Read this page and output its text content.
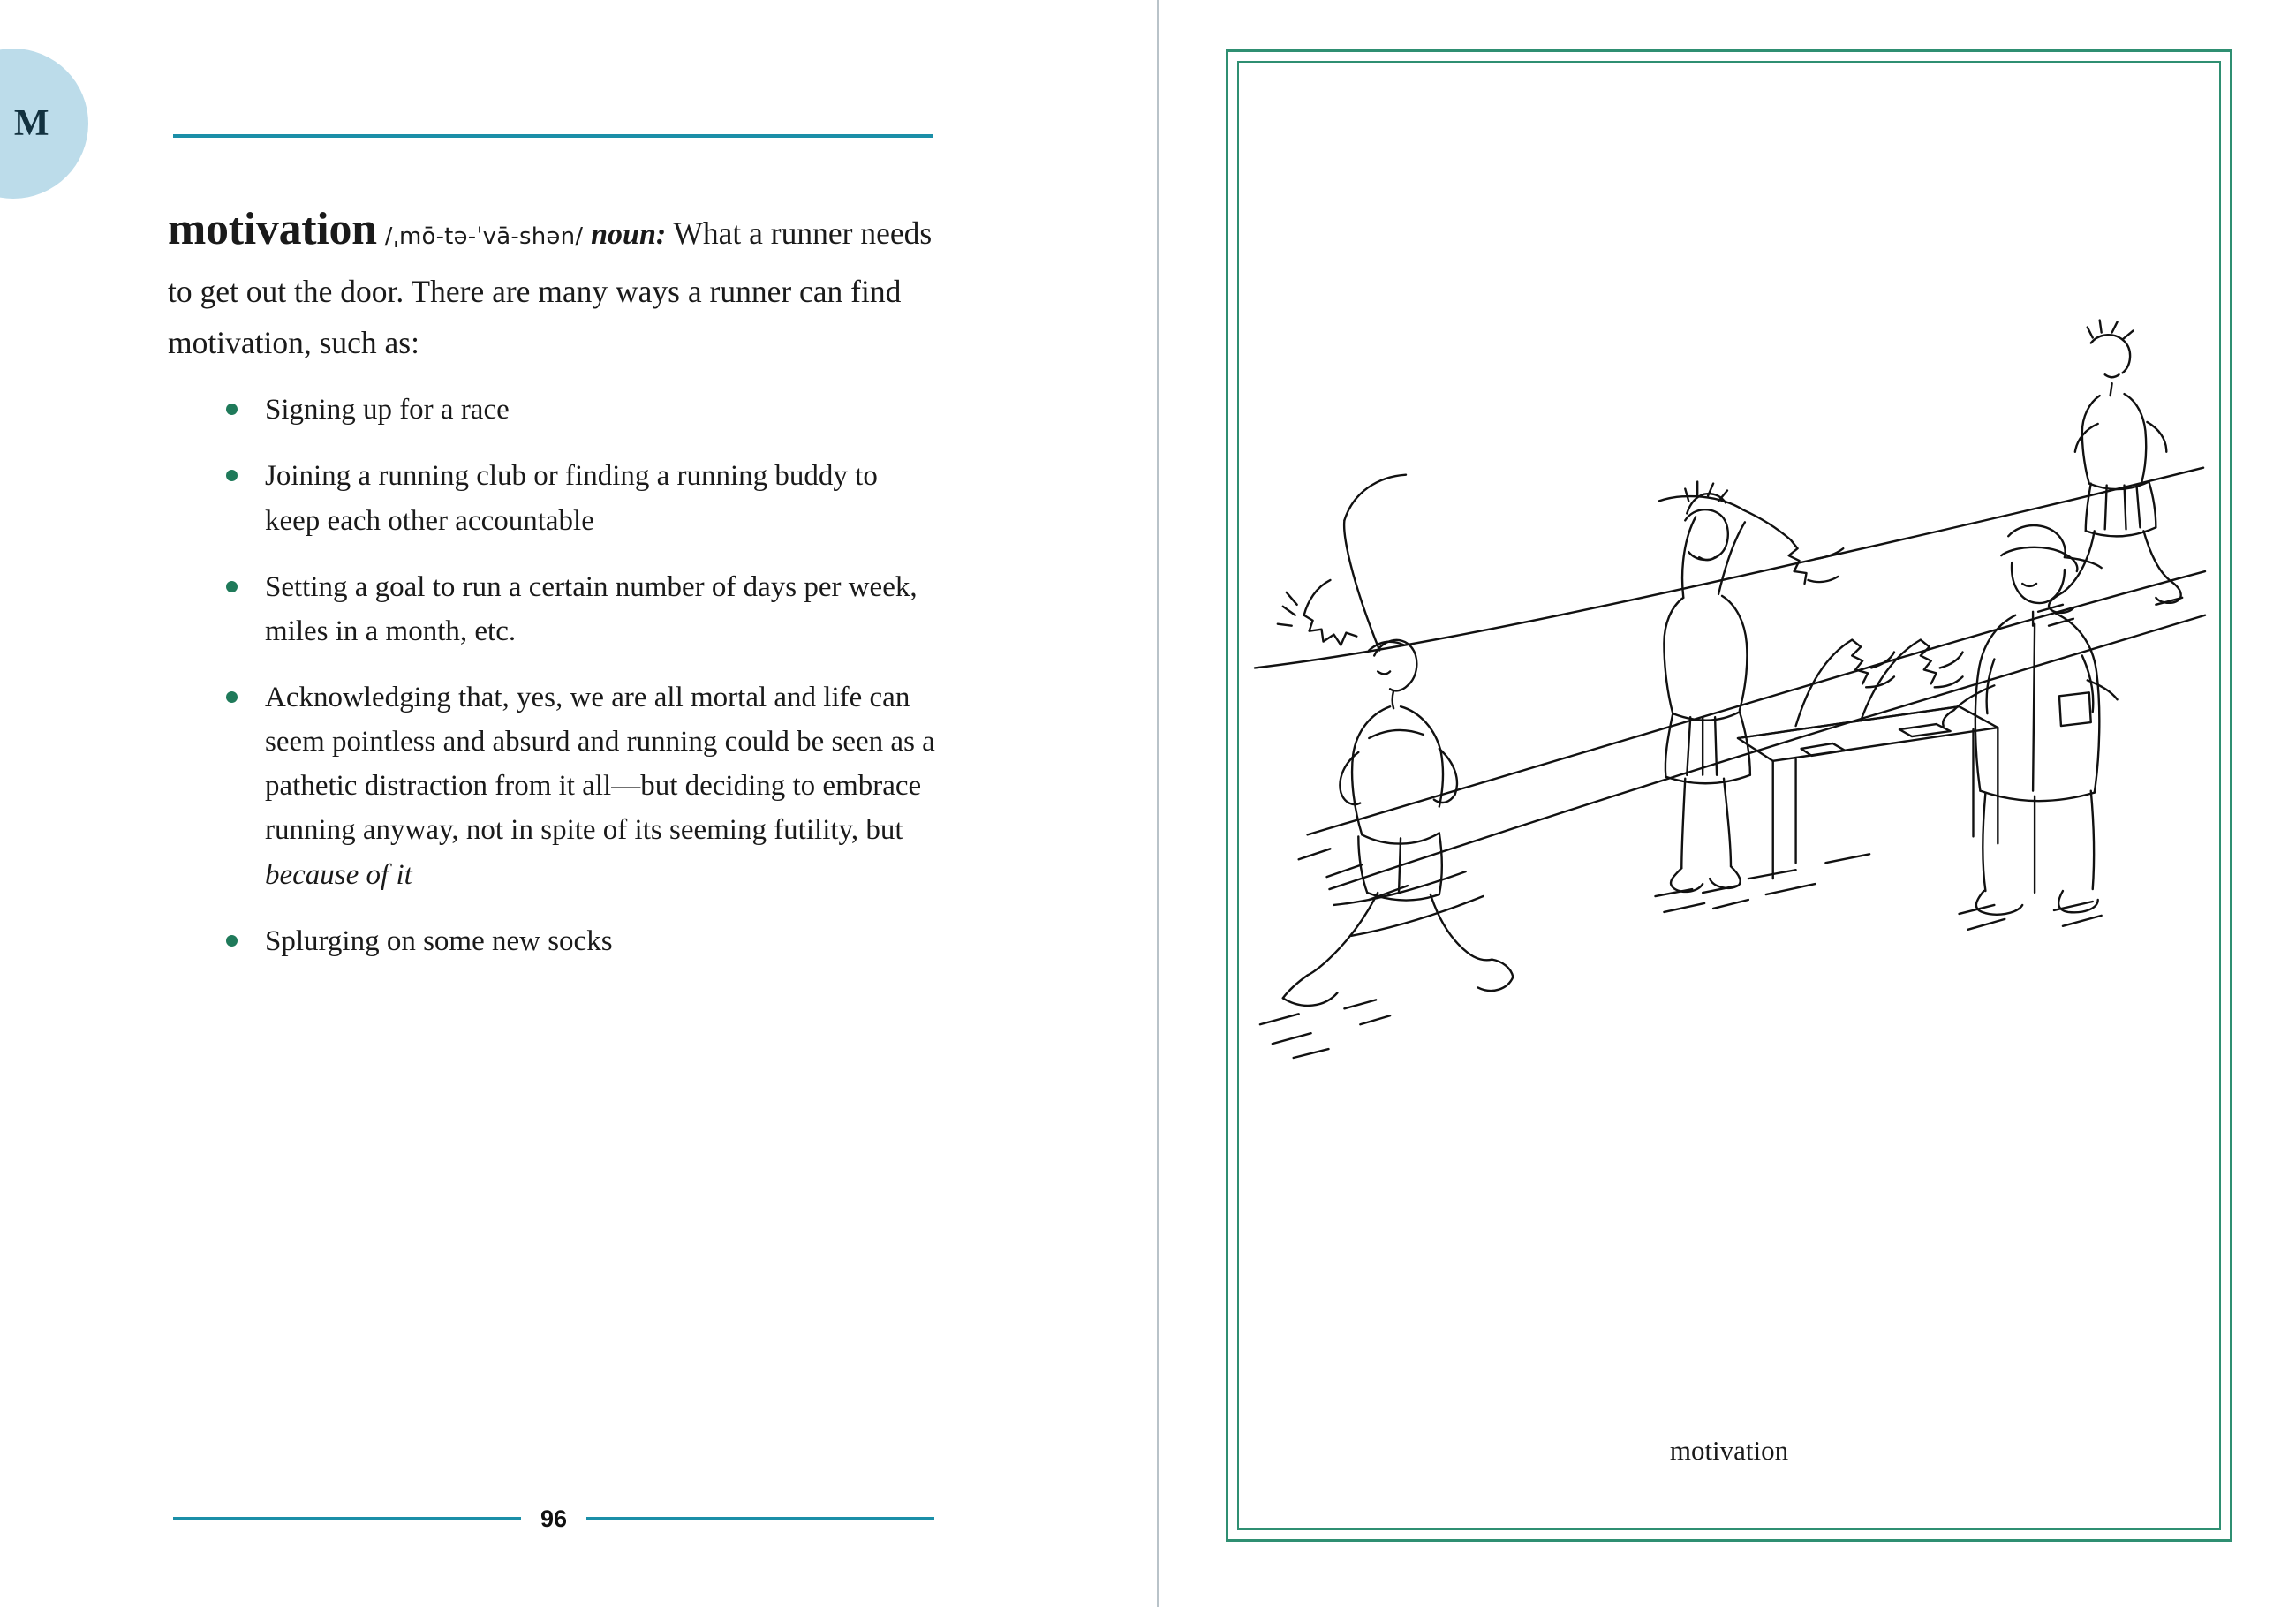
M

motivation /ˌmō-tə-ˈvā-shən/ noun: What a runner needs to get out the door. There are many ways a runner can find motivation, such as:

Signing up for a race
Joining a running club or finding a running buddy to keep each other accountable
Setting a goal to run a certain number of days per week, miles in a month, etc.
Acknowledging that, yes, we are all mortal and life can seem pointless and absurd and running could be seen as a pathetic distraction from it all—but deciding to embrace running anyway, not in spite of its seeming futility, but because of it
Splurging on some new socks
96
motivation
